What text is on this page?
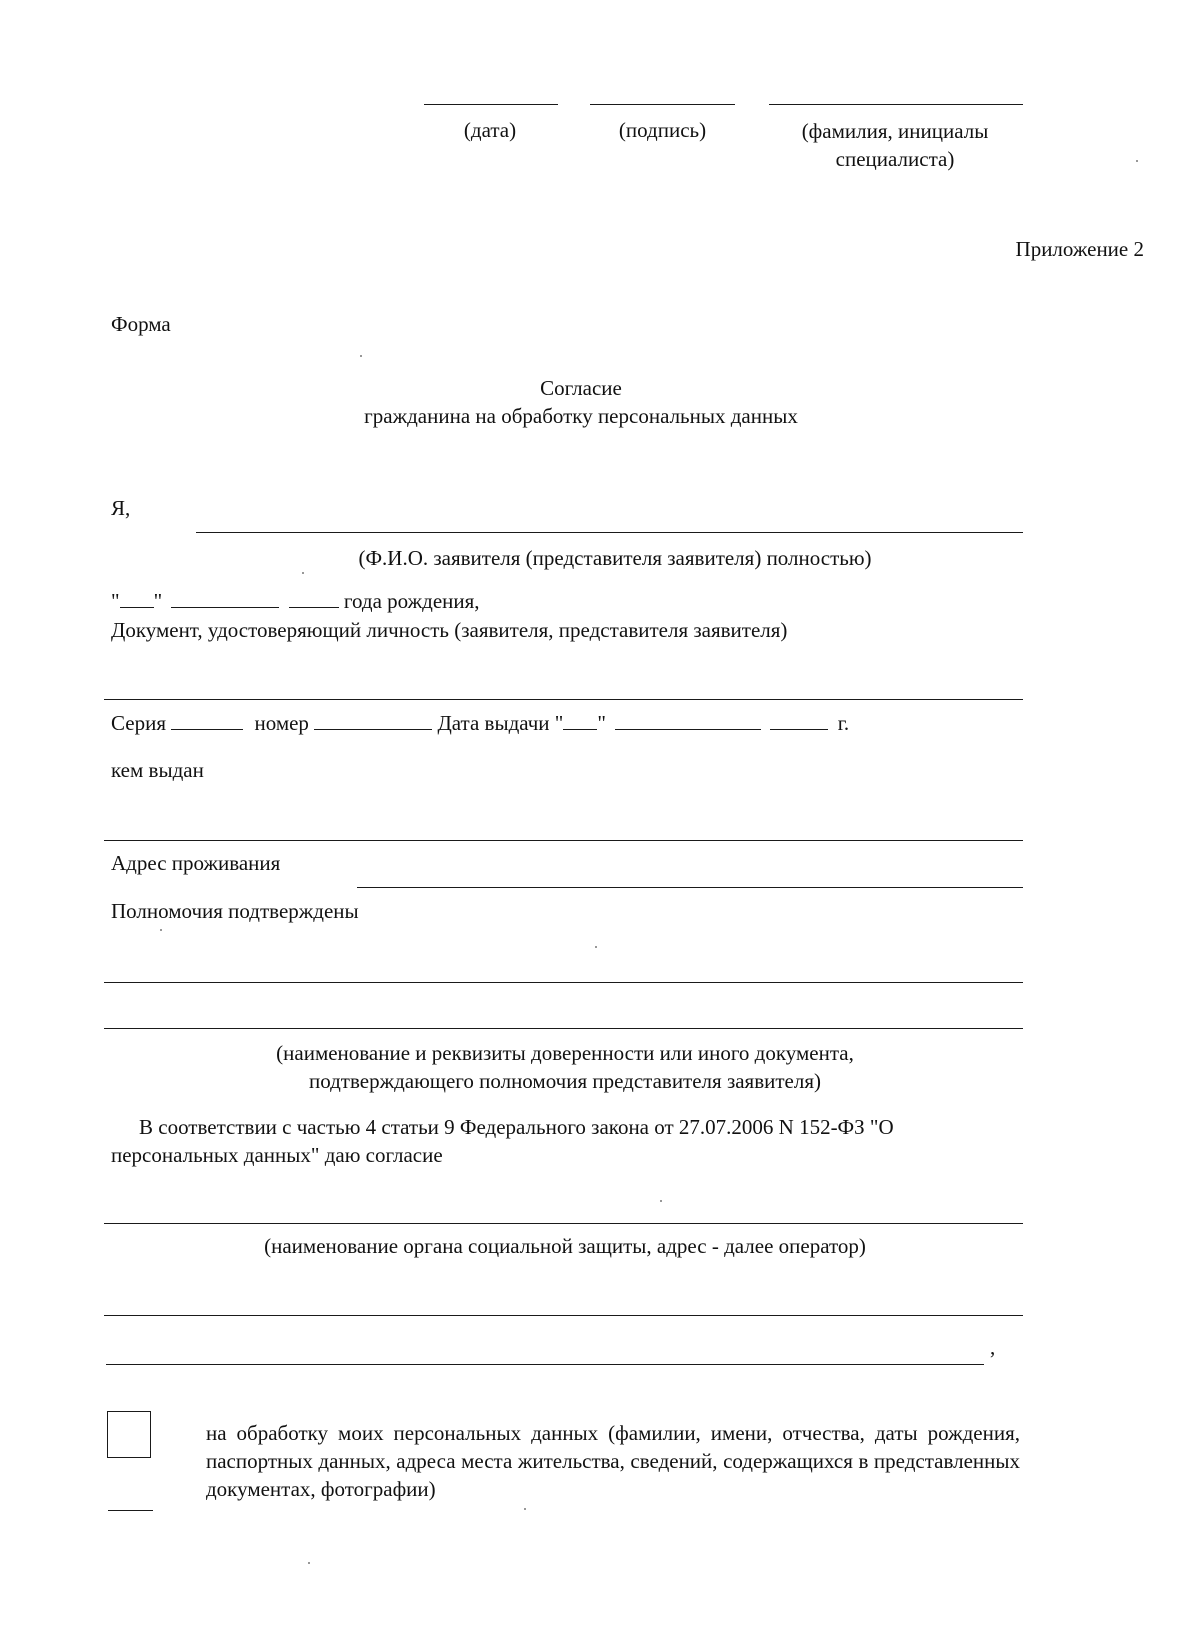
(дата)	(подпись)	(фамилия, инициалы
специалиста)
Приложение 2
Форма
Согласие
гражданина на обработку персональных данных
Я,
(Ф.И.О. заявителя (представителя заявителя) полностью)
" "	года рождения,
Документ, удостоверяющий личность (заявителя, представителя заявителя)
Серия	номер	Дата выдачи " "	г.
кем выдан
Адрес проживания
Полномочия подтверждены
(наименование и реквизиты доверенности или иного документа,
подтверждающего полномочия представителя заявителя)
В соответствии с частью 4 статьи 9 Федерального закона от 27.07.2006 N 152-ФЗ "О
персональных данных" даю согласие
(наименование органа социальной защиты, адрес - далее оператор)
,
на обработку моих персональных данных (фамилии, имени, отчества, даты рождения, паспортных данных, адреса места жительства, сведений, содержащихся в представленных документах, фотографии)
